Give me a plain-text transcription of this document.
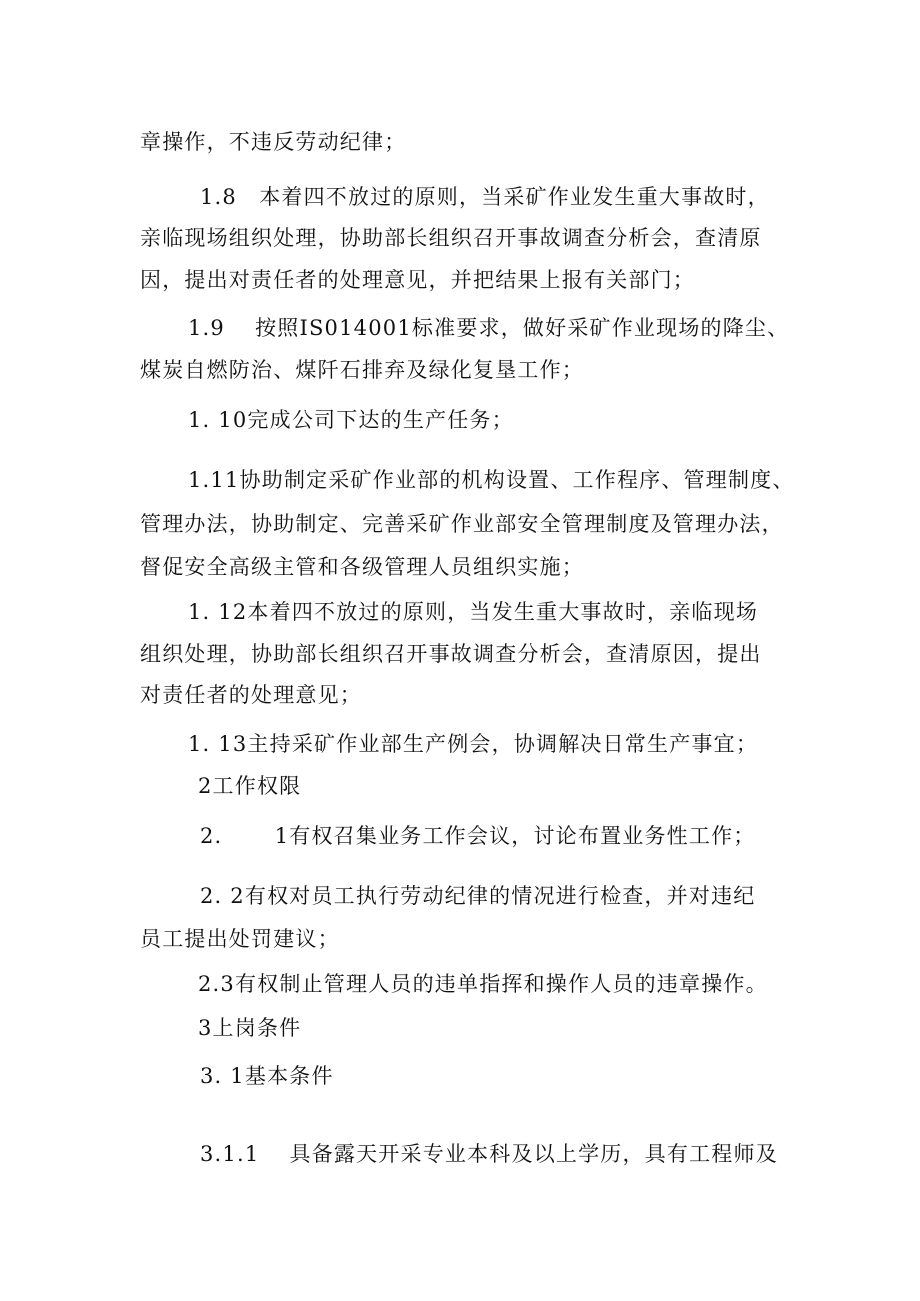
章操作，不违反劳动纪律；
1.8　本着四不放过的原则，当采矿作业发生重大事故时，
亲临现场组织处理，协助部长组织召开事故调查分析会，查清原
因，提出对责任者的处理意见，并把结果上报有关部门；
1.9　 按照IS014001标准要求，做好采矿作业现场的降尘、
煤炭自燃防治、煤阡石排弃及绿化复垦工作；
1. 10完成公司下达的生产任务；
1.11协助制定采矿作业部的机构设置、工作程序、管理制度、
管理办法，协助制定、完善采矿作业部安全管理制度及管理办法，
督促安全高级主管和各级管理人员组织实施；
1. 12本着四不放过的原则，当发生重大事故时，亲临现场
组织处理，协助部长组织召开事故调查分析会，查清原因，提出
对责任者的处理意见；
1. 13主持采矿作业部生产例会，协调解决日常生产事宜；
2工作权限
2.　　 1有权召集业务工作会议，讨论布置业务性工作；
2. 2有权对员工执行劳动纪律的情况进行检查，并对违纪
员工提出处罚建议；
2.3有权制止管理人员的违单指挥和操作人员的违章操作。
3上岗条件
3. 1基本条件
3.1.1　 具备露天开采专业本科及以上学历，具有工程师及
